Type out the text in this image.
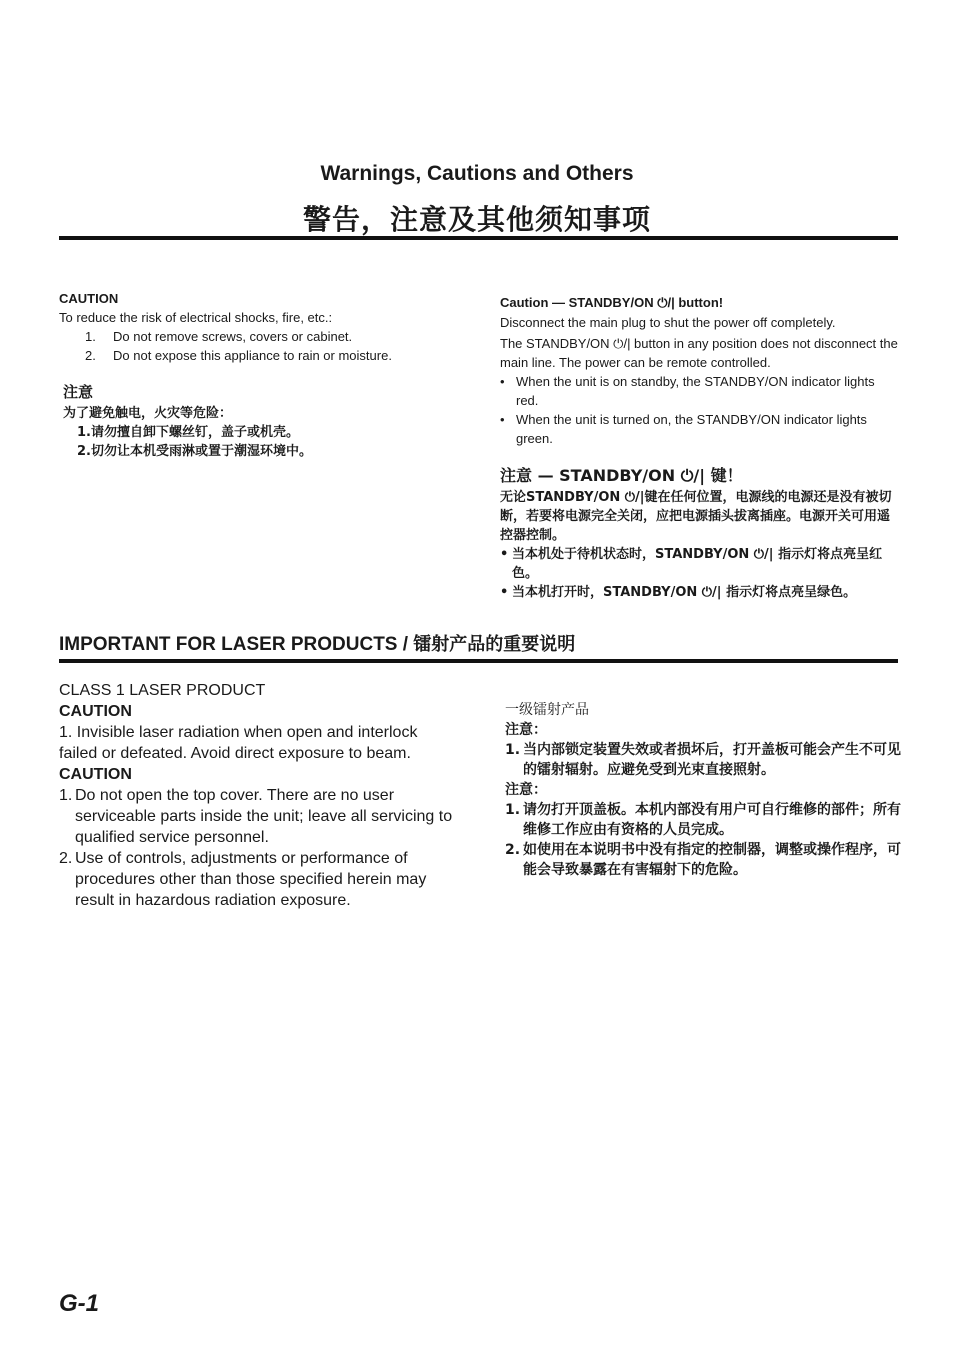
Warnings, Cautions and Others
警告，注意及其他须知事项
CAUTION
To reduce the risk of electrical shocks, fire, etc.:
1.	Do not remove screws, covers or cabinet.
2.	Do not expose this appliance to rain or moisture.
注意
为了避免触电，火灾等危险：
1.请勿擅自卸下螺丝钉，盖子或机壳。
2.切勿让本机受雨淋或置于潮湿环境中。
Caution — STANDBY/ON ⏻/| button!
Disconnect the main plug to shut the power off completely.
The STANDBY/ON ⏻/| button in any position does not disconnect the main line. The power can be remote controlled.
• When the unit is on standby, the STANDBY/ON indicator lights red.
• When the unit is turned on, the STANDBY/ON indicator lights green.
注意 — STANDBY/ON ⏻/| 键！
无论STANDBY/ON ⏻/|键在任何位置，电源线的电源还是没有被切断，若要将电源完全关闭，应把电源插头拔离插座。电源开关可用遥控器控制。
• 当本机处于待机状态时，STANDBY/ON ⏻/| 指示灯将点亮呈红色。
• 当本机打开时，STANDBY/ON ⏻/| 指示灯将点亮呈绿色。
IMPORTANT FOR LASER PRODUCTS / 镭射产品的重要说明
CLASS 1 LASER PRODUCT
CAUTION
1. Invisible laser radiation when open and interlock failed or defeated. Avoid direct exposure to beam.
CAUTION
1. Do not open the top cover. There are no user serviceable parts inside the unit; leave all servicing to qualified service personnel.
2. Use of controls, adjustments or performance of procedures other than those specified herein may result in hazardous radiation exposure.
一级镭射产品
注意：
1. 当内部锁定装置失效或者损坏后，打开盖板可能会产生不可见的镭射辐射。应避免受到光束直接照射。
注意：
1. 请勿打开顶盖板。本机内部没有用户可自行维修的部件；所有维修工作应由有资格的人员完成。
2. 如使用在本说明书中没有指定的控制器，调整或操作程序，可能会导致暴露在有害辐射下的危险。
G-1
